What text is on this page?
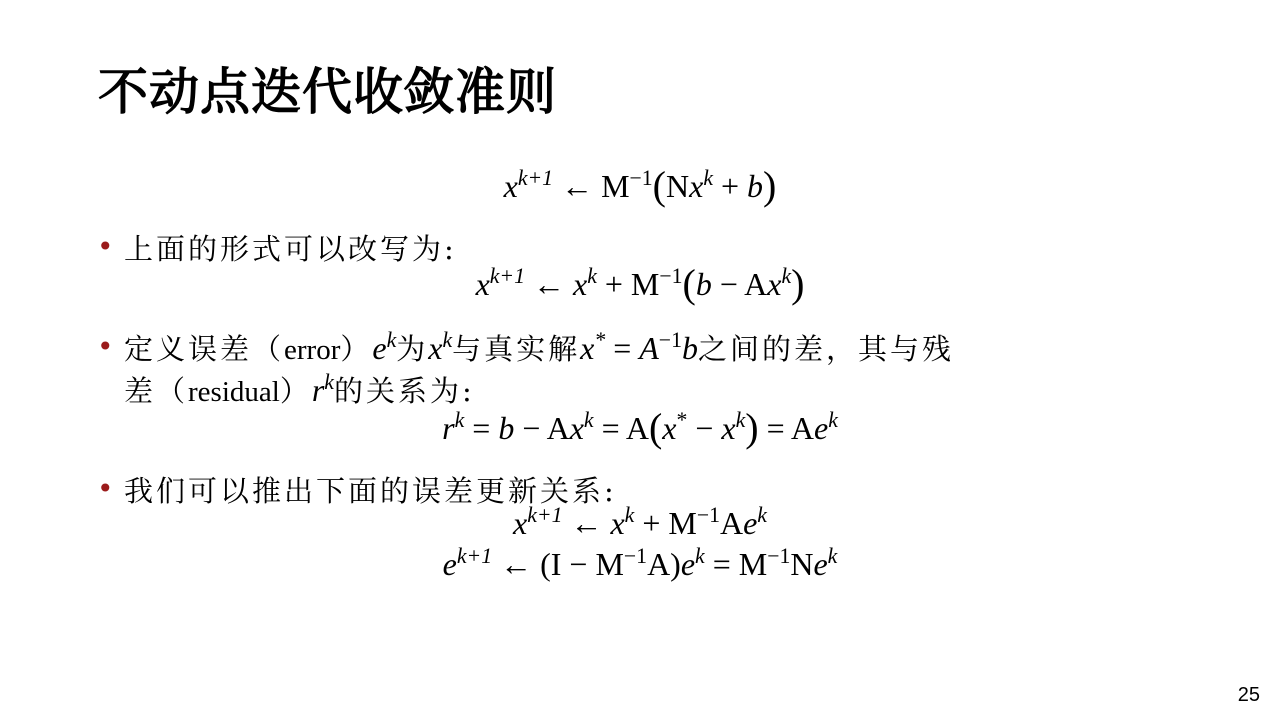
不动点迭代收敛准则
$x^{k+1}$ ← $M^{-1}(Nx^k + b)$
• 上面的形式可以改写为:
$x^{k+1}$ ← $x^k + M^{-1}(b - Ax^k)$
• 定义误差$(error)e^k$为$x^k$与真实解$x^* = A^{-1}b$之间的差，其与残
差$(residual)r^k$的关系为:
$r^k = b - Ax^k = A(x^* - x^k) = Ae^k$
• 我们可以推出下面的误差更新关系:
$x^{k+1}$ ← $x^k + M^{-1}Ae^k$
$e^{k+1}$ ← $(I - M^{-1}A)e^k = M^{-1}Ne^k$
25
